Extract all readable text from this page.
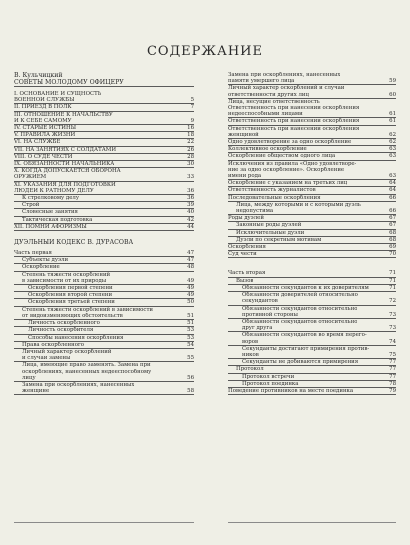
СОДЕРЖАНИЕ
В. Кульчицкий
СОВЕТЫ МОЛОДОМУ ОФИЦЕРУ
I. ОСНОВАНИЕ И СУЩНОСТЬ
ВОЕННОЙ СЛУЖБЫ	5
II. ПРИЕЗД В ПОЛК	7
III. ОТНОШЕНИЕ К НАЧАЛЬСТВУ
И К СЕБЕ САМОМУ	9
IV. СТАРЫЕ ИСТИНЫ	16
V. ПРАВИЛА ЖИЗНИ	18
VI. НА СЛУЖБЕ	22
VII. НА ЗАНЯТИЯХ С СОЛДАТАМИ	26
VIII. О СУДЕ ЧЕСТИ	28
IX. ОБЯЗАННОСТИ НАЧАЛЬНИКА	30
X. КОГДА ДОПУСКАЕТСЯ ОБОРОНА
ОРУЖИЕМ	33
XI. УКАЗАНИЯ ДЛЯ ПОДГОТОВКИ
ЛЮДЕЙ К РАТНОМУ ДЕЛУ	36
К стрелковому делу	36
Строй	39
Словесные занятия	40
Тактическая подготовка	42
XII. ПОМНИ АФОРИЗМЫ	44
ДУЭЛЬНЫЙ КОДЕКС В. ДУРАСОВА
Часть первая	47
Субъекты дуэли	47
Оскорбление	48
Степень тяжести оскорблений
в зависимости от их природы	49
Оскорбления первой степени	49
Оскорбления второй степени	49
Оскорбления третьей степени	50
Степень тяжести оскорблений в зависимости
от видоизменяющих обстоятельств	51
Личность оскорбленного	51
Личность оскорбителя	53
Способы нанесения оскорбления	53
Права оскорбленного	54
Личный характер оскорблений
и случаи замены	55
Лица, имеющие право заменять. Замена при
оскорблениях, нанесенных недееспособному
лицу	56
Замена при оскорблениях, нанесенных
женщине	58
Замена при оскорблениях, нанесенных
памяти умершего лица	59
Личный характер оскорблений и случаи
ответственности других лиц	60
Лица, несущие ответственность
Ответственность при нанесении оскорбления
недееспособными лицами	61
Ответственность при нанесении оскорбления	61
Ответственность при нанесении оскорбления
женщиной	62
Одно удовлетворение за одно оскорбление	62
Коллективное оскорбление	63
Оскорбление обществом одного лица	63
Исключения из правила «Одно удовлетворе-
ние за одно оскорбление». Оскорбление
имени рода	63
Оскорбление с указанием на третьих лиц	64
Ответственность журналистов	64
Последовательные оскорбления	66
Лица, между которыми и с которыми дуэль
недопустима	66
Роды дуэлей	67
Законные роды дуэлей	67
Исключительные дуэли	68
Дуэли по секретным мотивам	68
Оскорбления	69
Суд чести	70
Часть вторая	71
Вызов	71
Обязанности секундантов к их доверителям	71
Обязанности доверителей относительно
секундантов	72
Обязанности секундантов относительно
противной стороны	73
Обязанности секундантов относительно
друг друга	73
Обязанности секундантов во время перего-
воров	74
Секунданты достигают примирения против-
ников	75
Секунданты не добиваются примирения	77
Протокол	77
Протокол встречи	77
Протокол поединка	78
Поведение противников на месте поединка	79
